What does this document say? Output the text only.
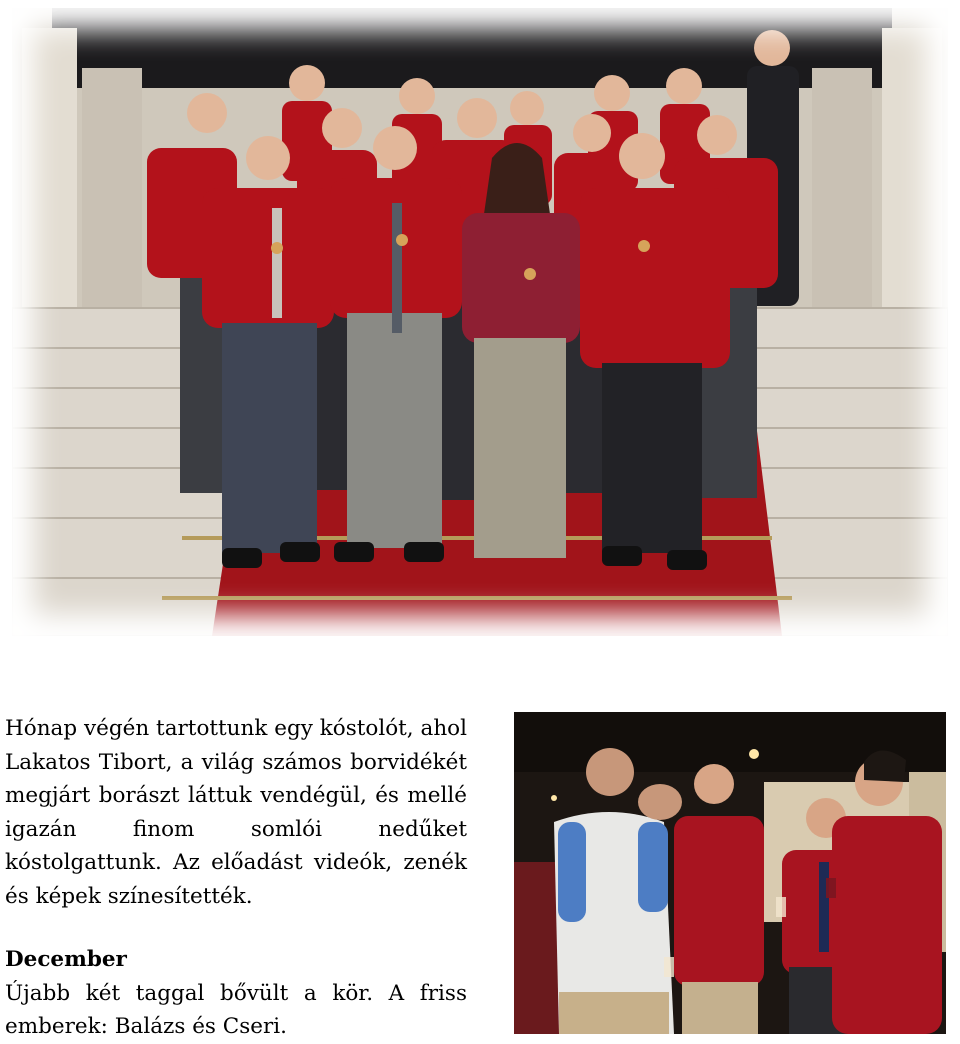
Hónap végén tartottunk egy kóstolót, ahol Lakatos Tibort, a világ számos borvidékét megjárt borászt láttuk vendégül, és mellé igazán finom somlói nedűket kóstolgattunk. Az előadást videók, zenék és képek színesítették.

December

Újabb két taggal bővült a kör. A friss emberek: Balázs és Cseri.
